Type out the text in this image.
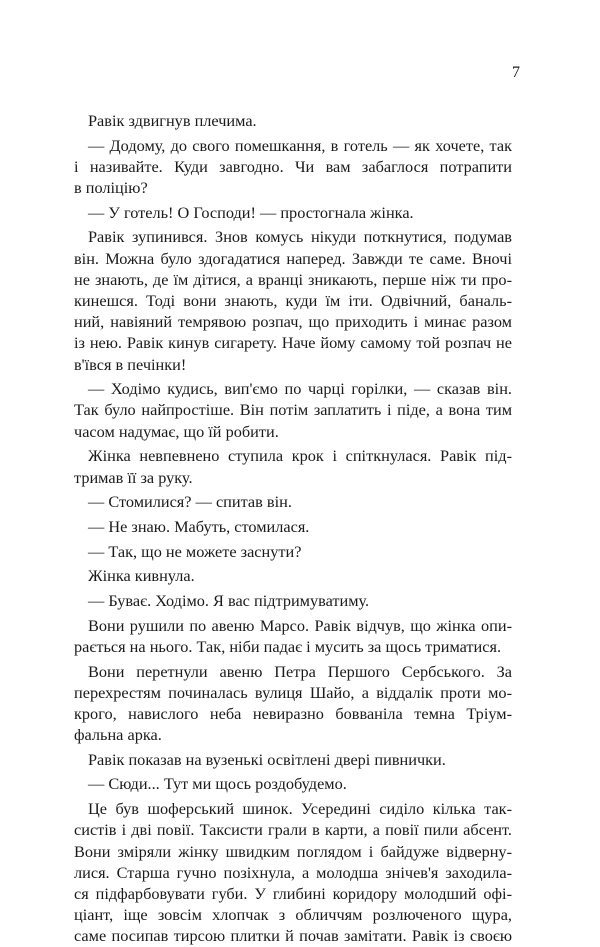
7
Равік здвигнув плечима.
— Додому, до свого помешкання, в готель — як хочете, так
і називайте. Куди завгодно. Чи вам забаглося потрапити
в поліцію?
— У готель! О Господи! — простогнала жінка.
Равік зупинився. Знов комусь нікуди поткнутися, подумав
він. Можна було здогадатися наперед. Завжди те саме. Вночі
не знають, де їм дітися, а вранці зникають, перше ніж ти про-
кинешся. Тоді вони знають, куди їм іти. Одвічний, баналь-
ний, навіяний темрявою розпач, що приходить і минає разом
із нею. Равік кинув сигарету. Наче йому самому той розпач не
в'ївся в печінки!
— Ходімо кудись, вип'ємо по чарці горілки, — сказав він.
Так було найпростіше. Він потім заплатить і піде, а вона тим
часом надумає, що їй робити.
Жінка невпевнено ступила крок і спіткнулася. Равік під-
тримав її за руку.
— Стомилися? — спитав він.
— Не знаю. Мабуть, стомилася.
— Так, що не можете заснути?
Жінка кивнула.
— Буває. Ходімо. Я вас підтримуватиму.
Вони рушили по авеню Марсо. Равік відчув, що жінка опи-
рається на нього. Так, ніби падає і мусить за щось триматися.
Вони перетнули авеню Петра Першого Сербського. За
перехрестям починалась вулиця Шайо, а віддалік проти мо-
крого, навислого неба невиразно бовваніла темна Тріум-
фальна арка.
Равік показав на вузенькі освітлені двері пивнички.
— Сюди... Тут ми щось роздобудемо.
Це був шоферський шинок. Усередині сиділо кілька так-
систів і дві повії. Таксисти грали в карти, а повії пили абсент.
Вони зміряли жінку швидким поглядом і байдуже відверну-
лися. Старша гучно позіхнула, а молодша знічев'я заходила-
ся підфарбовувати губи. У глибині коридору молодший офі-
ціант, іще зовсім хлопчак з обличчям розлюченого щура,
саме посипав тирсою плитки й почав замітати. Равік із своєю
